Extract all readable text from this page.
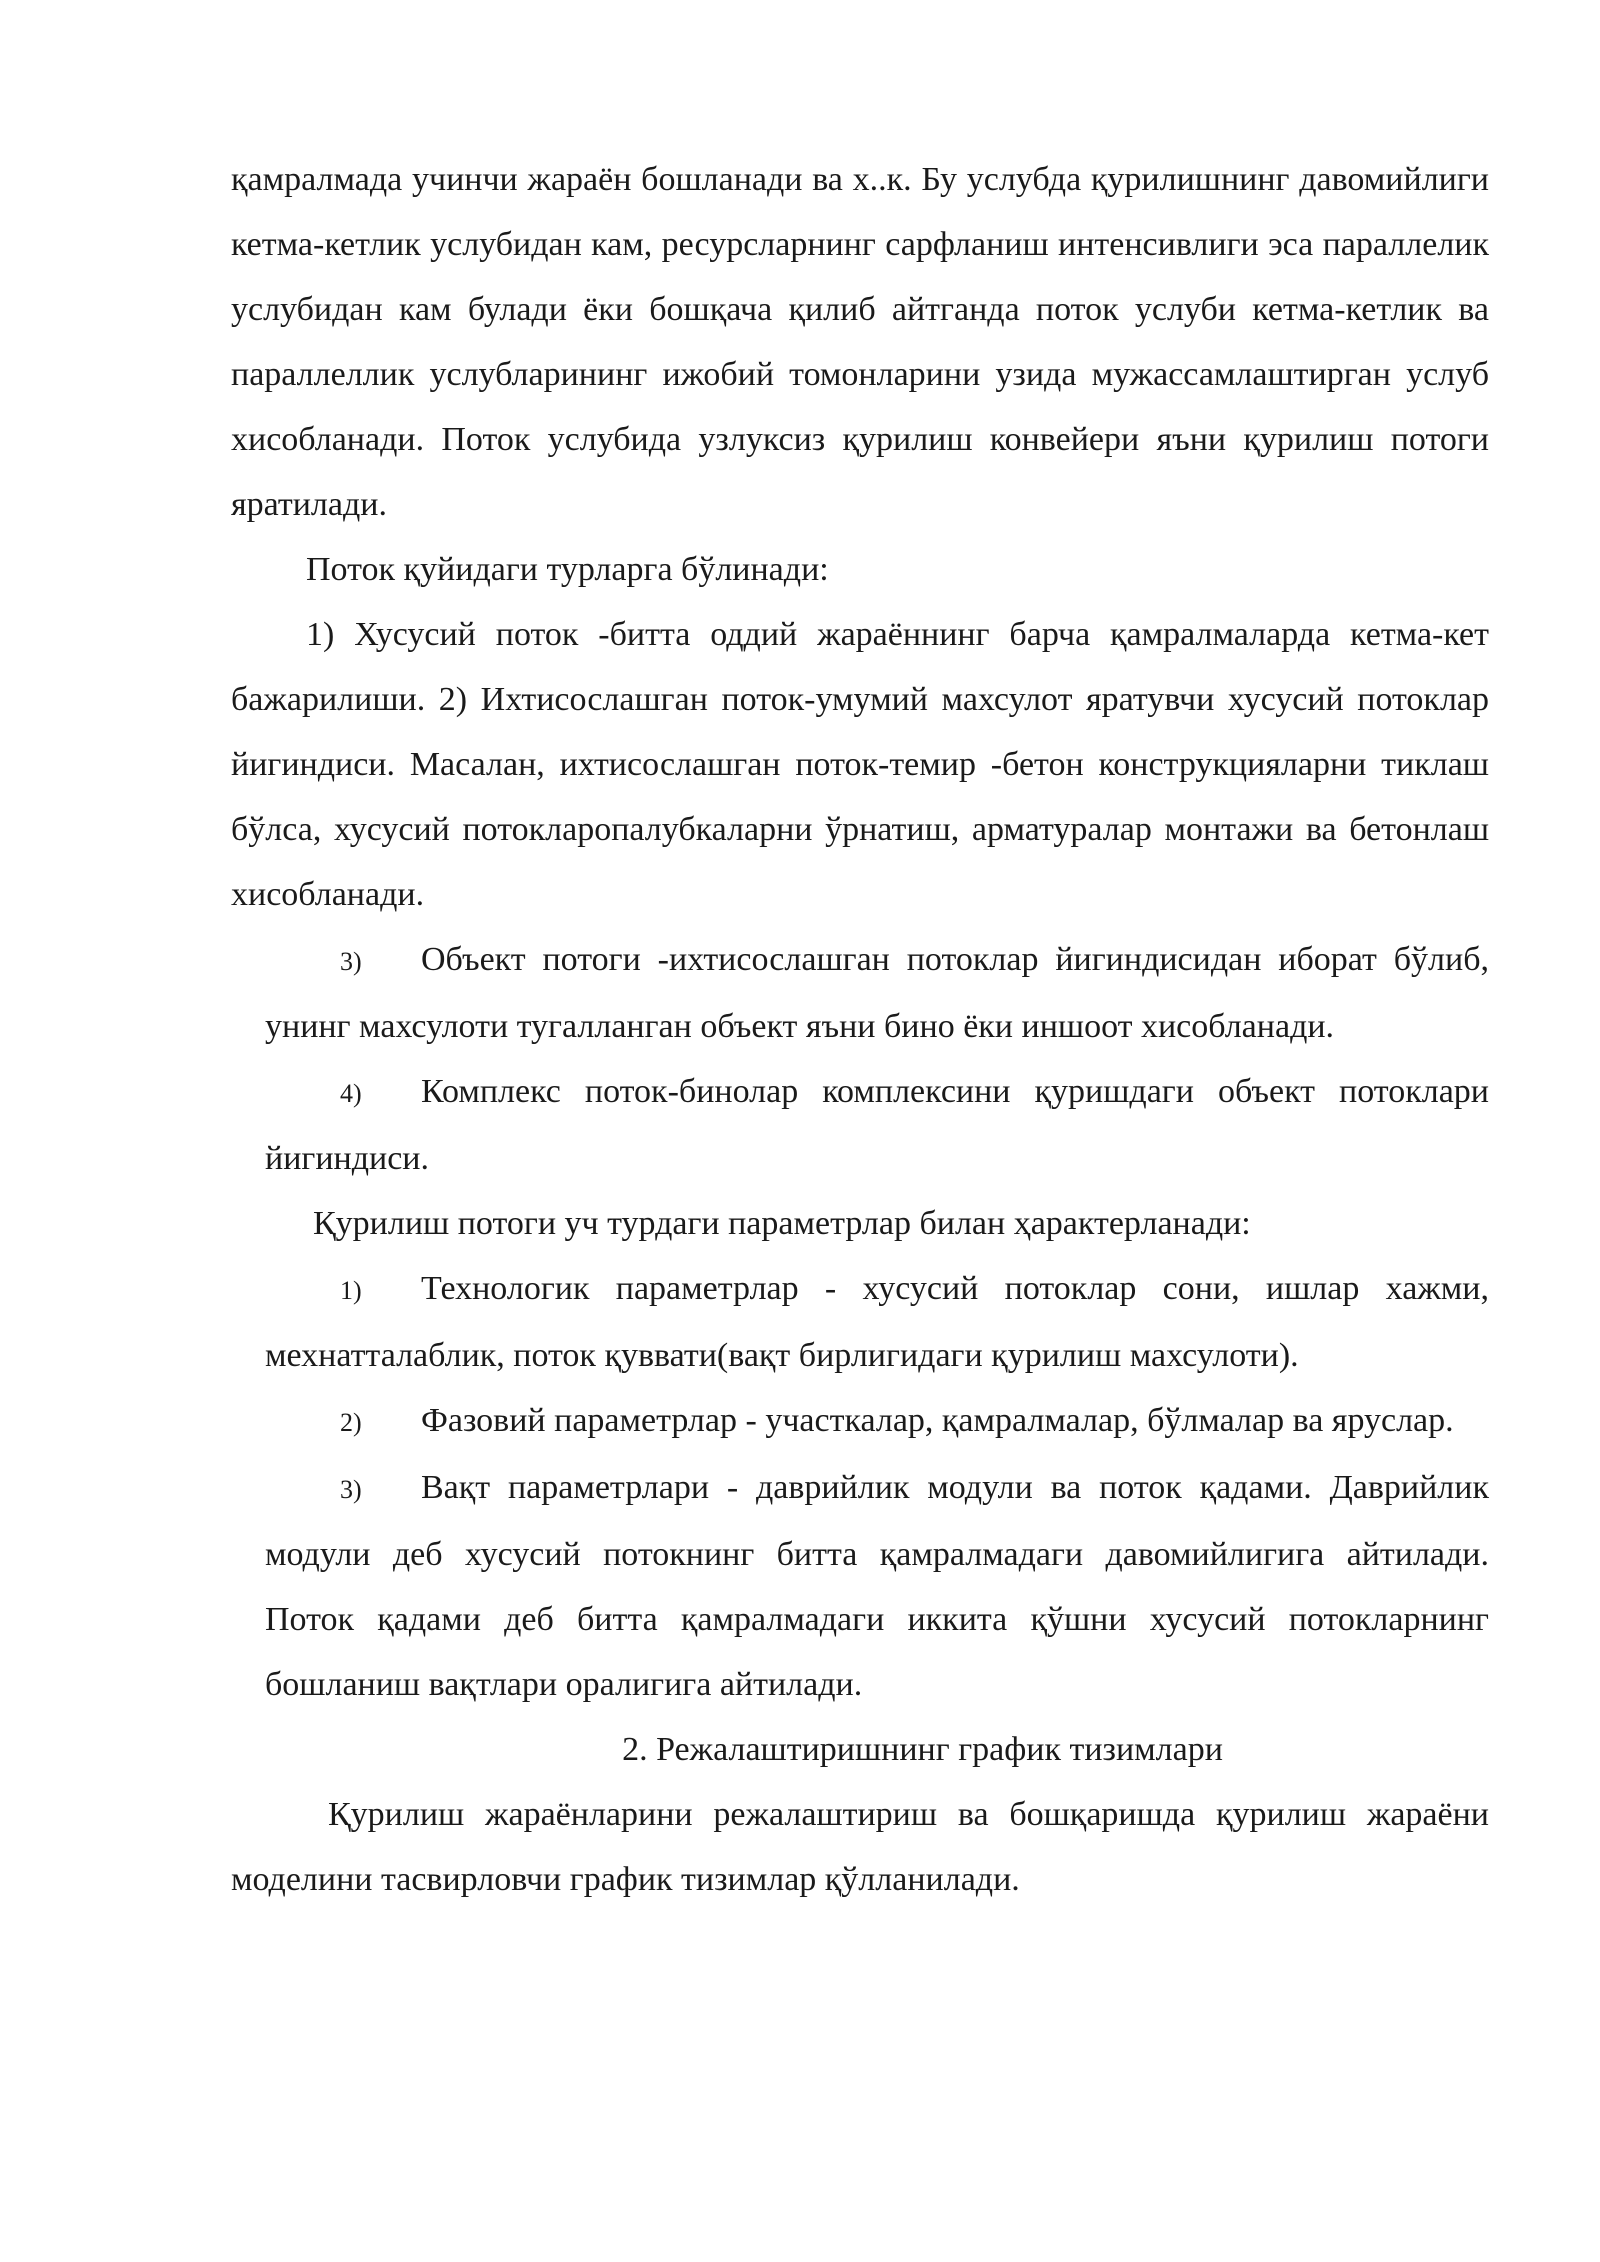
қамралмада учинчи жараён бошланади ва х..к. Бу услубда қурилишнинг давомийлиги кетма-кетлик услубидан кам, ресурсларнинг сарфланиш интенсивлиги эса параллелик услубидан кам булади ёки бошқача қилиб айтганда поток услуби кетма-кетлик ва параллеллик услубларининг ижобий томонларини узида мужассамлаштирган услуб хисобланади. Поток услубида узлуксиз қурилиш конвейери яъни қурилиш потоги яратилади.

Поток қуйидаги турларга бўлинади:

1) Хусусий поток -битта оддий жараённинг барча қамралмаларда кетма-кет бажарилиши. 2) Ихтисослашган поток-умумий махсулот яратувчи хусусий потоклар йигиндиси. Масалан, ихтисослашган поток-темир -бетон конструкцияларни тиклаш бўлса, хусусий потокларопалубкаларни ўрнатиш, арматуралар монтажи ва бетонлаш хисобланади.

3) Объект потоги -ихтисослашган потоклар йигиндисидан иборат бўлиб, унинг махсулоти тугалланган объект яъни бино ёки иншоот хисобланади.

4) Комплекс поток-бинолар комплексини қуришдаги объект потоклари йигиндиси.

Қурилиш потоги уч турдаги параметрлар билан ҳарактерланади:

1) Технологик параметрлар - хусусий потоклар сони, ишлар хажми, мехнатталаблик, поток қуввати(вақт бирлигидаги қурилиш махсулоти).

2) Фазовий параметрлар - участкалар, қамралмалар, бўлмалар ва яруслар.

3) Вақт параметрлари - даврийлик модули ва поток қадами. Даврийлик модули деб хусусий потокнинг битта қамралмадаги давомийлигига айтилади. Поток қадами деб битта қамралмадаги иккита қўшни хусусий потокларнинг бошланиш вақтлари оралигига айтилади.

2. Режалаштиришнинг график тизимлари

Қурилиш жараёнларини режалаштириш ва бошқаришда қурилиш жараёни моделини тасвирловчи график тизимлар қўлланилади.
